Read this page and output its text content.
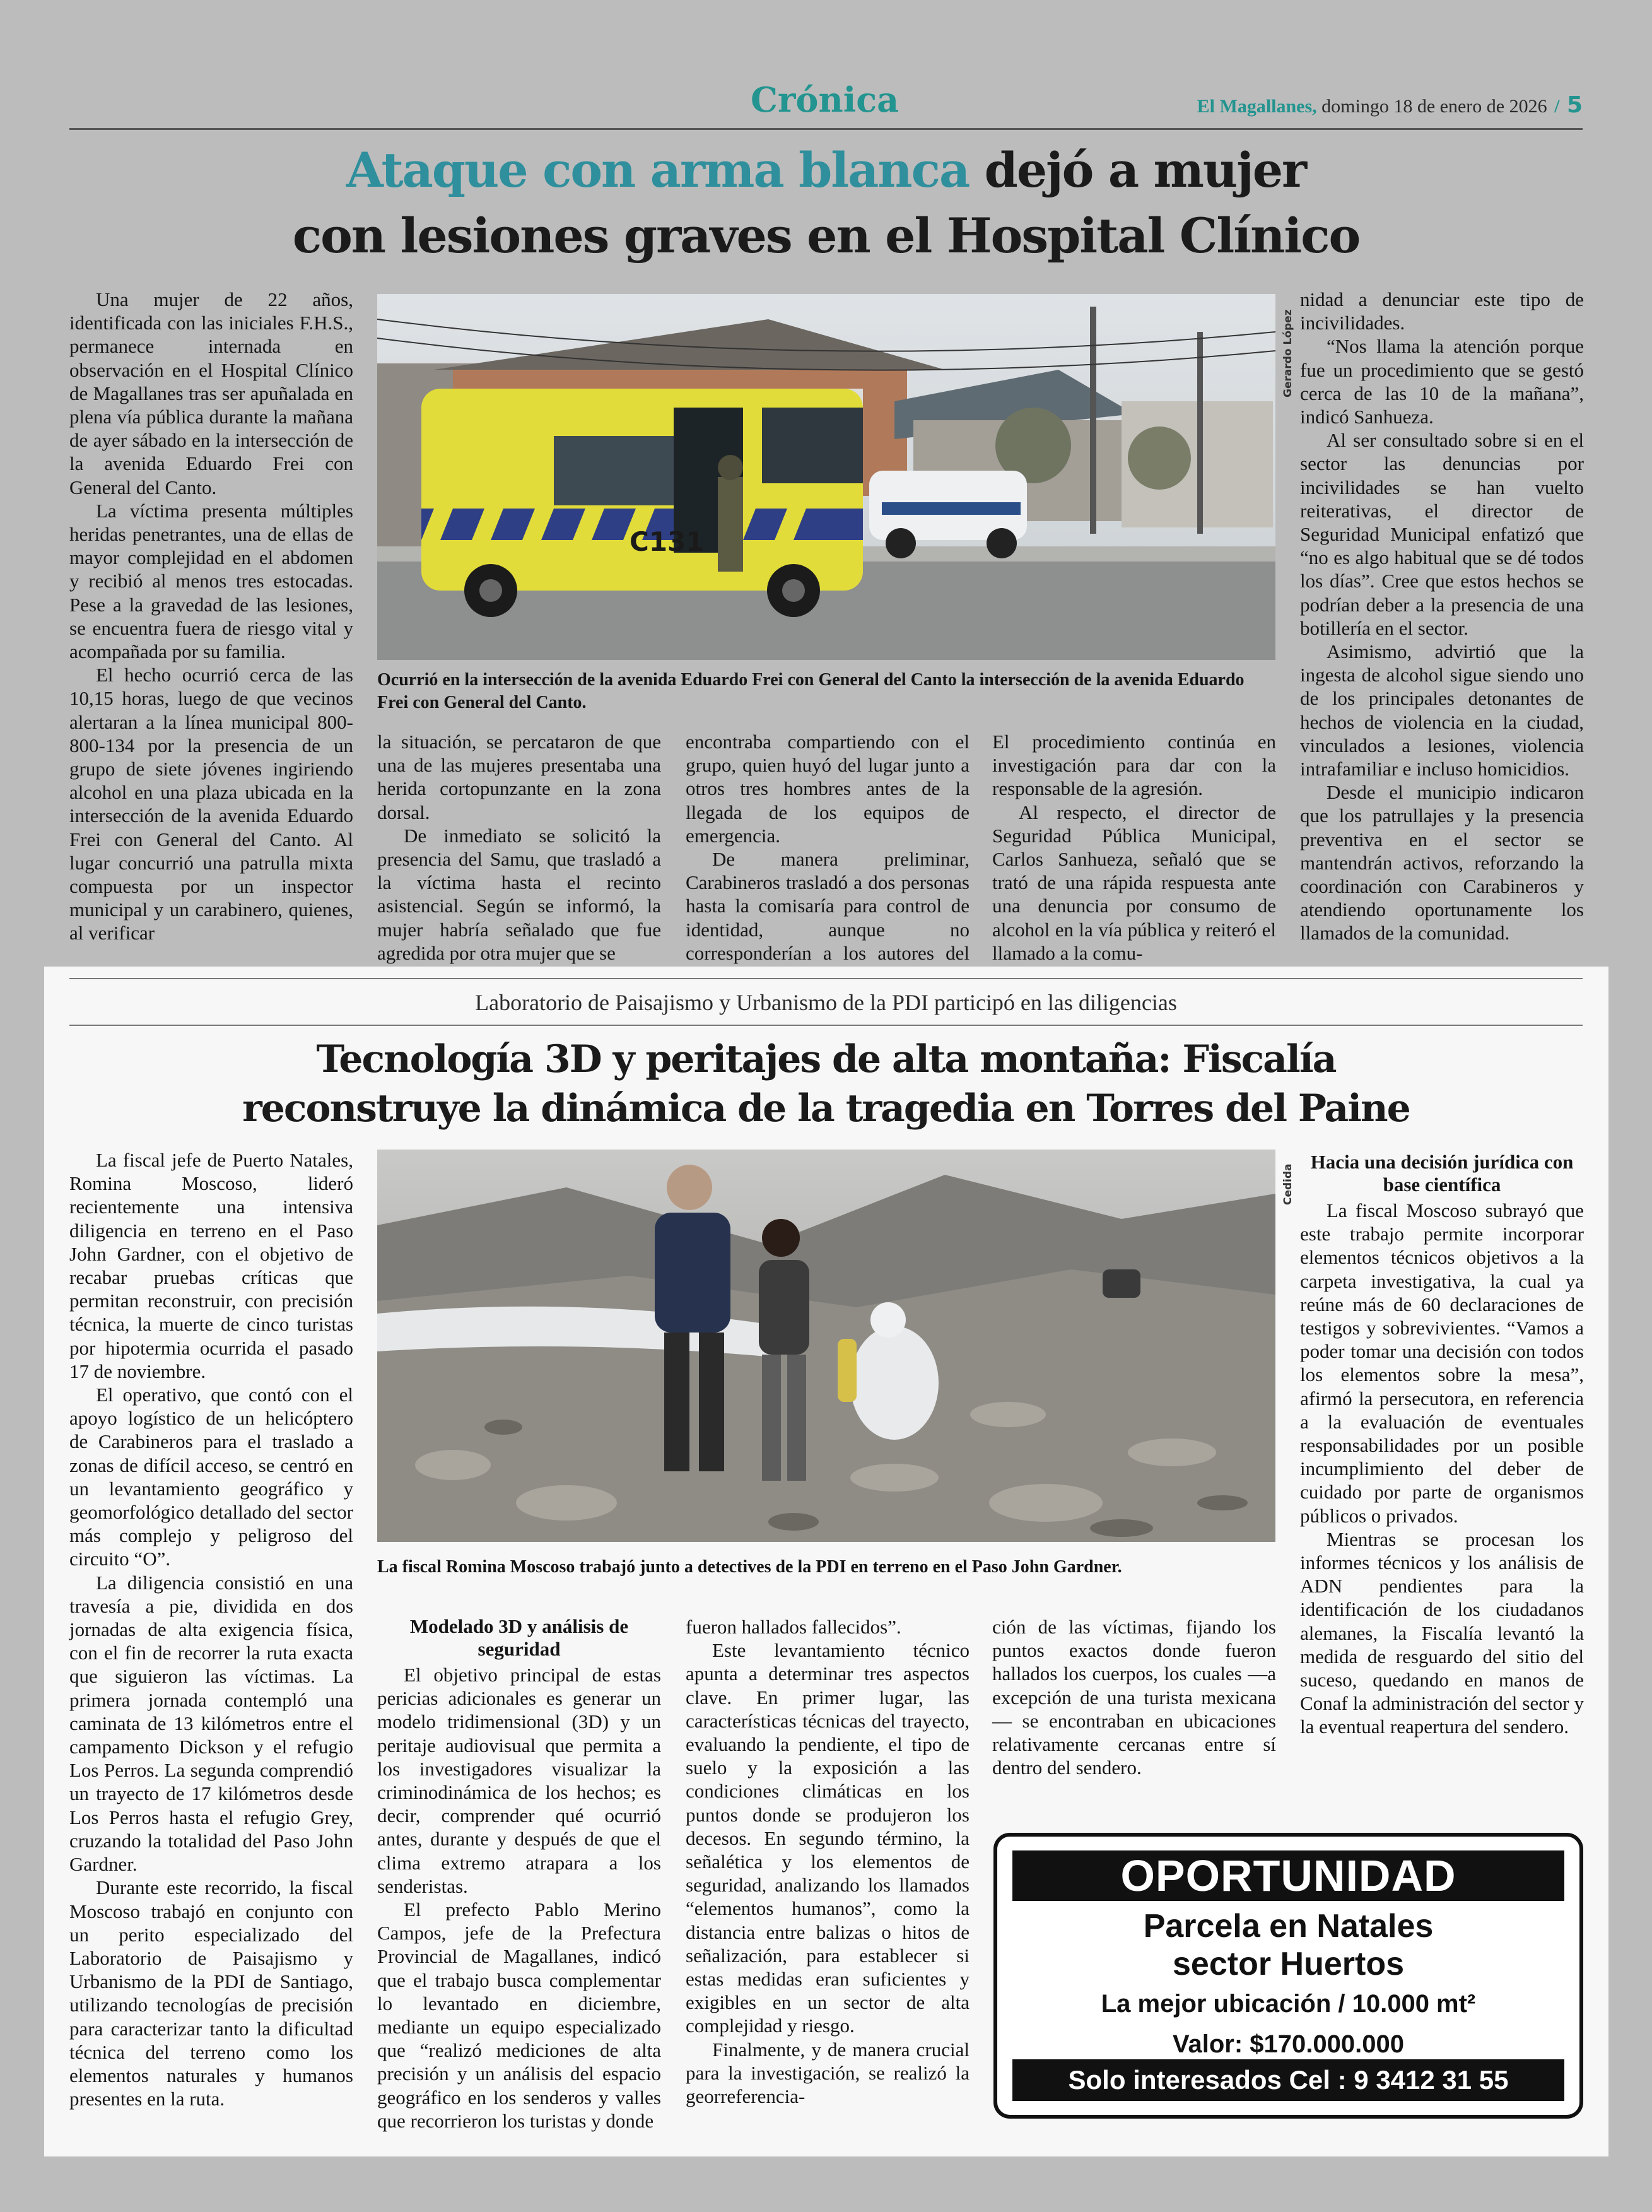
Crónica	El Magallanes, domingo 18 de enero de 2026 / 5
Ataque con arma blanca dejó a mujer
con lesiones graves en el Hospital Clínico

Una mujer de 22 años, identificada con las iniciales F.H.S., permanece internada en observación en el Hospital Clínico de Magallanes tras ser apuñalada en plena vía pública durante la mañana de ayer sábado en la intersección de la avenida Eduardo Frei con General del Canto.

La víctima presenta múltiples heridas penetrantes, una de ellas de mayor complejidad en el abdomen y recibió al menos tres estocadas. Pese a la gravedad de las lesiones, se encuentra fuera de riesgo vital y acompañada por su familia.

El hecho ocurrió cerca de las 10,15 horas, luego de que vecinos alertaran a la línea municipal 800-800-134 por la presencia de un grupo de siete jóvenes ingiriendo alcohol en una plaza ubicada en la intersección de la avenida Eduardo Frei con General del Canto. Al lugar concurrió una patrulla mixta compuesta por un inspector municipal y un carabinero, quienes, al verificar

C131
Gerardo López
Ocurrió en la intersección de la avenida Eduardo Frei con General del Canto la intersección de la avenida Eduardo Frei con General del Canto.

la situación, se percataron de que una de las mujeres presentaba una herida cortopunzante en la zona dorsal.

De inmediato se solicitó la presencia del Samu, que trasladó a la víctima hasta el recinto asistencial. Según se informó, la mujer habría señalado que fue agredida por otra mujer que se

encontraba compartiendo con el grupo, quien huyó del lugar junto a otros tres hombres antes de la llegada de los equipos de emergencia.

De manera preliminar, Carabineros trasladó a dos personas hasta la comisaría para control de identidad, aunque no corresponderían a los autores del

El procedimiento continúa en investigación para dar con la responsable de la agresión.

Al respecto, el director de Seguridad Pública Municipal, Carlos Sanhueza, señaló que se trató de una rápida respuesta ante una denuncia por consumo de alcohol en la vía pública y reiteró el llamado a la comu-

nidad a denunciar este tipo de incivilidades.

“Nos llama la atención porque fue un procedimiento que se gestó cerca de las 10 de la mañana”, indicó Sanhueza.

Al ser consultado sobre si en el sector las denuncias por incivilidades se han vuelto reiterativas, el director de Seguridad Municipal enfatizó que “no es algo habitual que se dé todos los días”. Cree que estos hechos se podrían deber a la presencia de una botillería en el sector.

Asimismo, advirtió que la ingesta de alcohol sigue siendo uno de los principales detonantes de hechos de violencia en la ciudad, vinculados a lesiones, violencia intrafamiliar e incluso homicidios.

Desde el municipio indicaron que los patrullajes y la presencia preventiva en el sector se mantendrán activos, reforzando la coordinación con Carabineros y atendiendo oportunamente los llamados de la comunidad.

Laboratorio de Paisajismo y Urbanismo de la PDI participó en las diligencias
Tecnología 3D y peritajes de alta montaña: Fiscalía
reconstruye la dinámica de la tragedia en Torres del Paine

La fiscal jefe de Puerto Natales, Romina Moscoso, lideró recientemente una intensiva diligencia en terreno en el Paso John Gardner, con el objetivo de recabar pruebas críticas que permitan reconstruir, con precisión técnica, la muerte de cinco turistas por hipotermia ocurrida el pasado 17 de noviembre.

El operativo, que contó con el apoyo logístico de un helicóptero de Carabineros para el traslado a zonas de difícil acceso, se centró en un levantamiento geográfico y geomorfológico detallado del sector más complejo y peligroso del circuito “O”.

La diligencia consistió en una travesía a pie, dividida en dos jornadas de alta exigencia física, con el fin de recorrer la ruta exacta que siguieron las víctimas. La primera jornada contempló una caminata de 13 kilómetros entre el campamento Dickson y el refugio Los Perros. La segunda comprendió un trayecto de 17 kilómetros desde Los Perros hasta el refugio Grey, cruzando la totalidad del Paso John Gardner.

Durante este recorrido, la fiscal Moscoso trabajó en conjunto con un perito especializado del Laboratorio de Paisajismo y Urbanismo de la PDI de Santiago, utilizando tecnologías de precisión para caracterizar tanto la dificultad técnica del terreno como los elementos naturales y humanos presentes en la ruta.

Cedida
La fiscal Romina Moscoso trabajó junto a detectives de la PDI en terreno en el Paso John Gardner.

Modelado 3D y análisis de seguridad

El objetivo principal de estas pericias adicionales es generar un modelo tridimensional (3D) y un peritaje audiovisual que permita a los investigadores visualizar la criminodinámica de los hechos; es decir, comprender qué ocurrió antes, durante y después de que el clima extremo atrapara a los senderistas.

El prefecto Pablo Merino Campos, jefe de la Prefectura Provincial de Magallanes, indicó que el trabajo busca complementar lo levantado en diciembre, mediante un equipo especializado que “realizó mediciones de alta precisión y un análisis del espacio geográfico en los senderos y valles que recorrieron los turistas y donde

fueron hallados fallecidos”.

Este levantamiento técnico apunta a determinar tres aspectos clave. En primer lugar, las características técnicas del trayecto, evaluando la pendiente, el tipo de suelo y la exposición a las condiciones climáticas en los puntos donde se produjeron los decesos. En segundo término, la señalética y los elementos de seguridad, analizando los llamados “elementos humanos”, como la distancia entre balizas o hitos de señalización, para establecer si estas medidas eran suficientes y exigibles en un sector de alta complejidad y riesgo.

Finalmente, y de manera crucial para la investigación, se realizó la georreferencia-

ción de las víctimas, fijando los puntos exactos donde fueron hallados los cuerpos, los cuales —a excepción de una turista mexicana— se encontraban en ubicaciones relativamente cercanas entre sí dentro del sendero.

Hacia una decisión jurídica con base científica

La fiscal Moscoso subrayó que este trabajo permite incorporar elementos técnicos objetivos a la carpeta investigativa, la cual ya reúne más de 60 declaraciones de testigos y sobrevivientes. “Vamos a poder tomar una decisión con todos los elementos sobre la mesa”, afirmó la persecutora, en referencia a la evaluación de eventuales responsabilidades por un posible incumplimiento del deber de cuidado por parte de organismos públicos o privados.

Mientras se procesan los informes técnicos y los análisis de ADN pendientes para la identificación de los ciudadanos alemanes, la Fiscalía levantó la medida de resguardo del sitio del suceso, quedando en manos de Conaf la administración del sector y la eventual reapertura del sendero.

OPORTUNIDAD
Parcela en Natales
sector Huertos
La mejor ubicación / 10.000 mt²
Valor: $170.000.000
Solo interesados Cel : 9 3412 31 55
